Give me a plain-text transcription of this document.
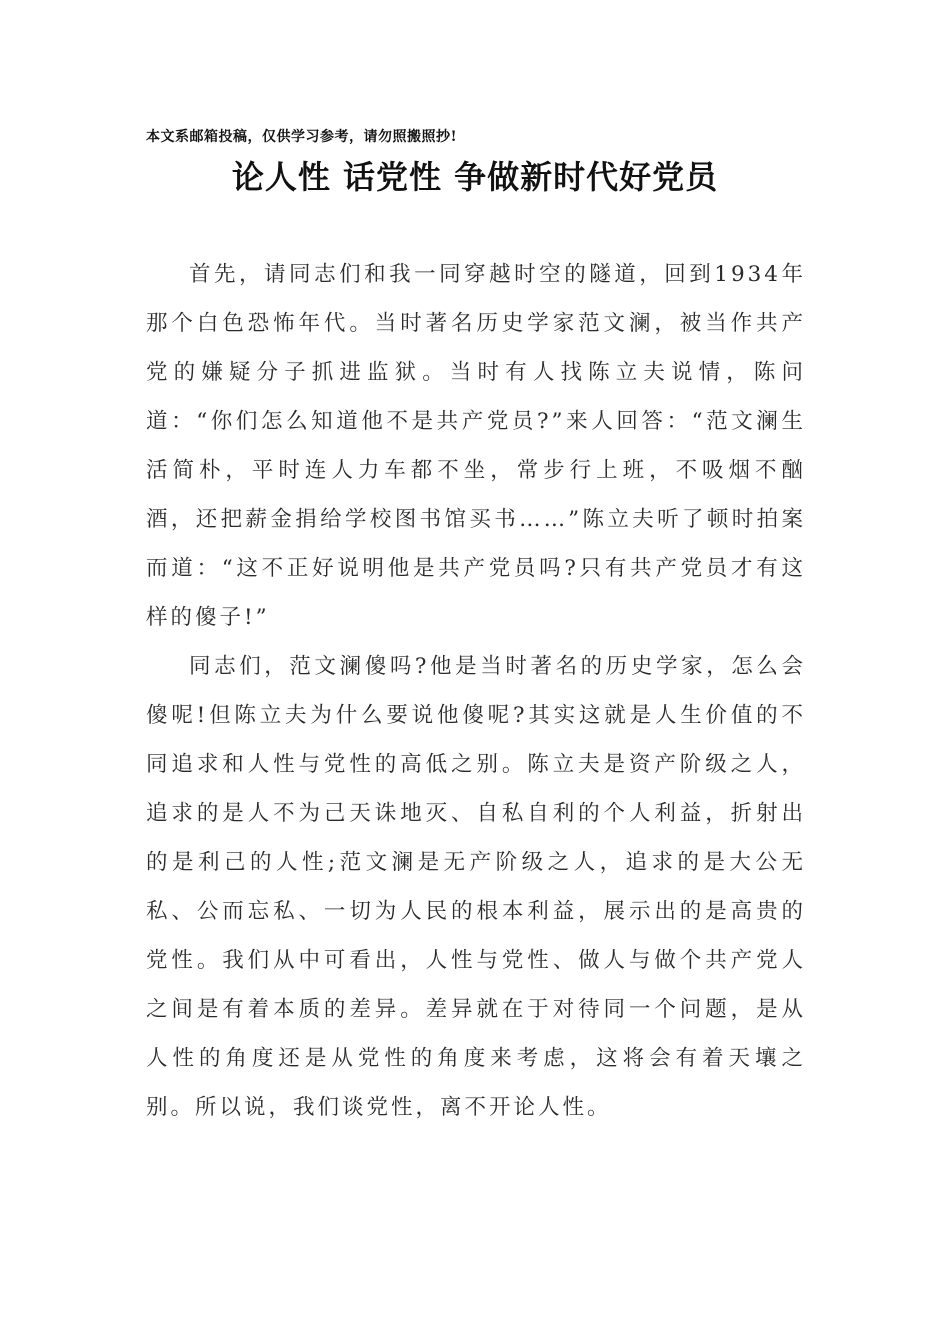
本文系邮箱投稿，仅供学习参考，请勿照搬照抄!
论人性 话党性 争做新时代好党员

首先，请同志们和我一同穿越时空的隧道，回到1934年那个白色恐怖年代。当时著名历史学家范文澜，被当作共产党的嫌疑分子抓进监狱。当时有人找陈立夫说情，陈问道：“你们怎么知道他不是共产党员?”来人回答：“范文澜生活简朴，平时连人力车都不坐，常步行上班，不吸烟不酗酒，还把薪金捐给学校图书馆买书……”陈立夫听了顿时拍案而道：“这不正好说明他是共产党员吗?只有共产党员才有这样的傻子!”

同志们，范文澜傻吗?他是当时著名的历史学家，怎么会傻呢!但陈立夫为什么要说他傻呢?其实这就是人生价值的不同追求和人性与党性的高低之别。陈立夫是资产阶级之人，追求的是人不为己天诛地灭、自私自利的个人利益，折射出的是利己的人性;范文澜是无产阶级之人，追求的是大公无私、公而忘私、一切为人民的根本利益，展示出的是高贵的党性。我们从中可看出，人性与党性、做人与做个共产党人之间是有着本质的差异。差异就在于对待同一个问题，是从人性的角度还是从党性的角度来考虑，这将会有着天壤之别。所以说，我们谈党性，离不开论人性。
